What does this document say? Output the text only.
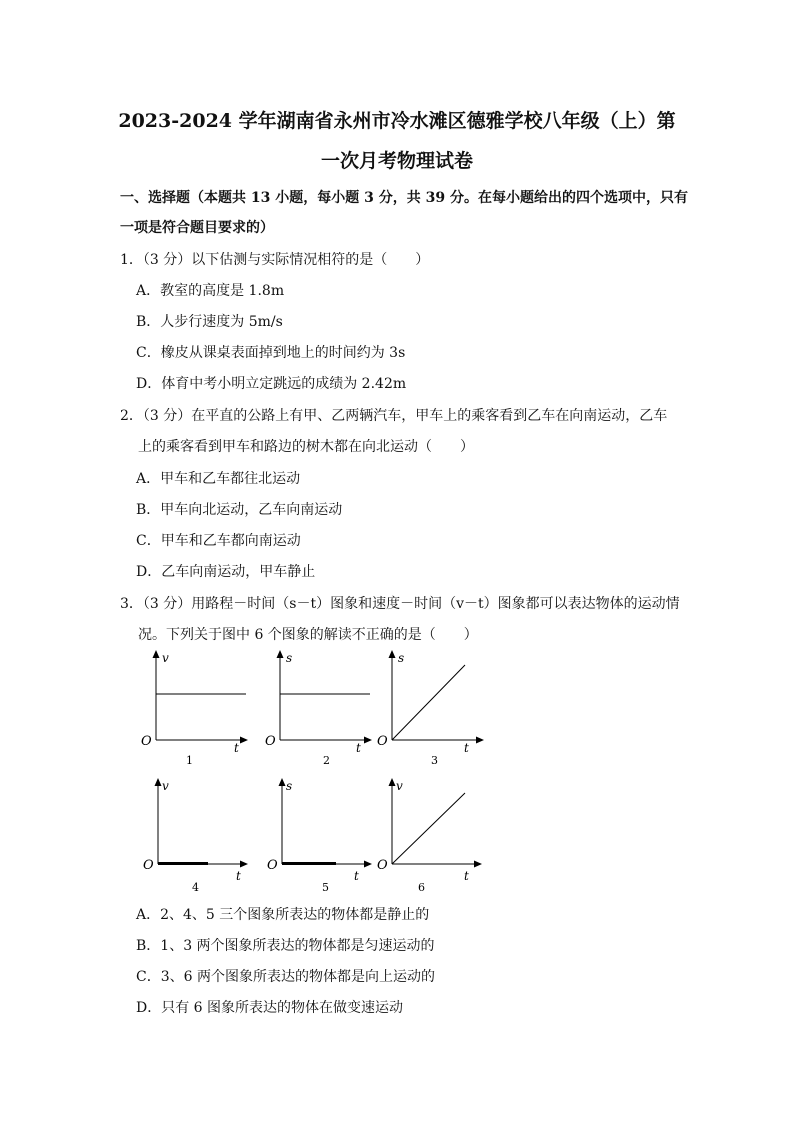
2023-2024 学年湖南省永州市冷水滩区德雅学校八年级（上）第
一次月考物理试卷
一、选择题（本题共 13 小题，每小题 3 分，共 39 分。在每小题给出的四个选项中，只有
一项是符合题目要求的）
1．（3 分）以下估测与实际情况相符的是（　　）
A．教室的高度是 1.8m
B．人步行速度为 5m/s
C．橡皮从课桌表面掉到地上的时间约为 3s
D．体育中考小明立定跳远的成绩为 2.42m
2．（3 分）在平直的公路上有甲、乙两辆汽车，甲车上的乘客看到乙车在向南运动，乙车
上的乘客看到甲车和路边的树木都在向北运动（　　）
A．甲车和乙车都往北运动
B．甲车向北运动，乙车向南运动
C．甲车和乙车都向南运动
D．乙车向南运动，甲车静止
3．（3 分）用路程－时间（s－t）图象和速度－时间（v－t）图象都可以表达物体的运动情
况。下列关于图中 6 个图象的解读不正确的是（　　）
v
t
O
1
s
t
O
2
s
t
O
3
v
t
O
4
s
t
O
5
v
t
O
6
A．2、4、5 三个图象所表达的物体都是静止的
B．1、3 两个图象所表达的物体都是匀速运动的
C．3、6 两个图象所表达的物体都是向上运动的
D．只有 6 图象所表达的物体在做变速运动
